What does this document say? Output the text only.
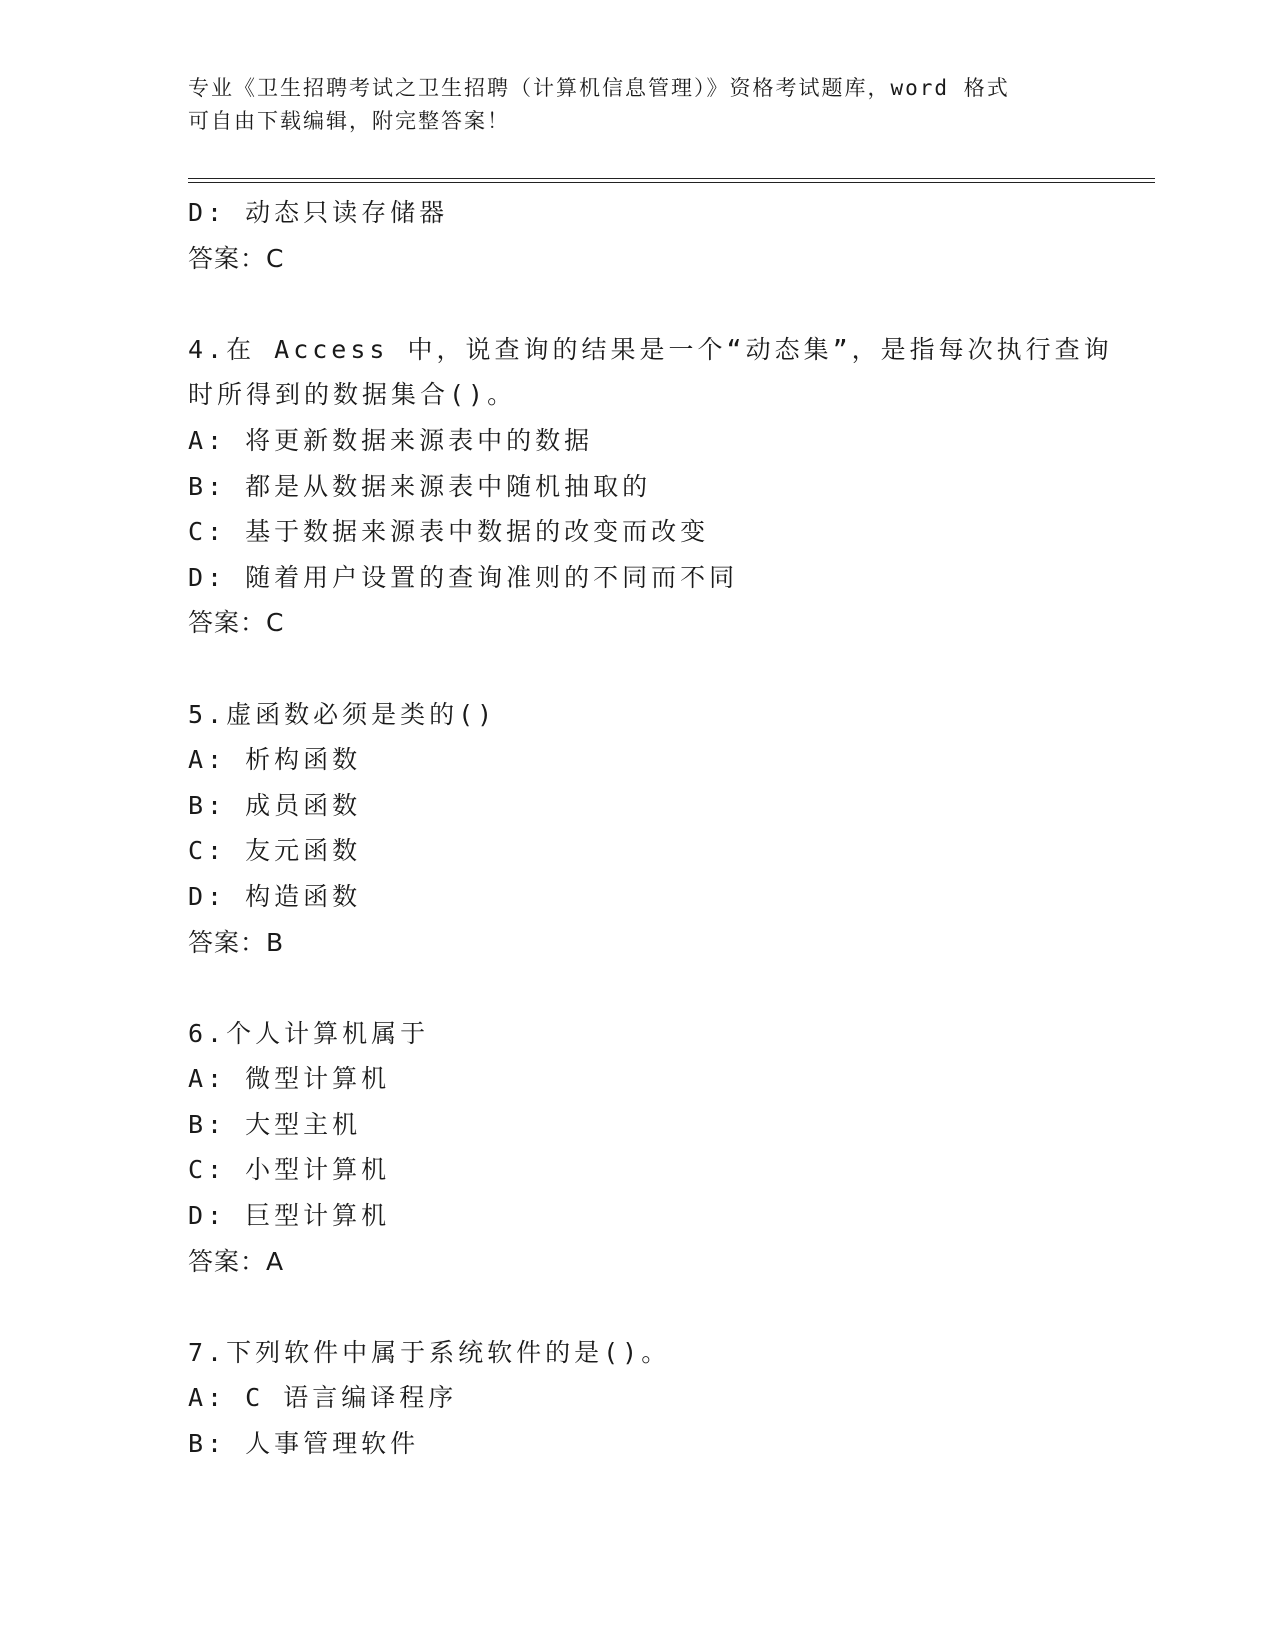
专业《卫生招聘考试之卫生招聘（计算机信息管理）》资格考试题库，word 格式
可自由下载编辑，附完整答案！
D: 动态只读存储器
答案：C
4.在 Access 中，说查询的结果是一个“动态集”，是指每次执行查询
时所得到的数据集合()。
A: 将更新数据来源表中的数据
B: 都是从数据来源表中随机抽取的
C: 基于数据来源表中数据的改变而改变
D: 随着用户设置的查询准则的不同而不同
答案：C
5.虚函数必须是类的()
A: 析构函数
B: 成员函数
C: 友元函数
D: 构造函数
答案：B
6.个人计算机属于
A: 微型计算机
B: 大型主机
C: 小型计算机
D: 巨型计算机
答案：A
7.下列软件中属于系统软件的是()。
A: C 语言编译程序
B: 人事管理软件
